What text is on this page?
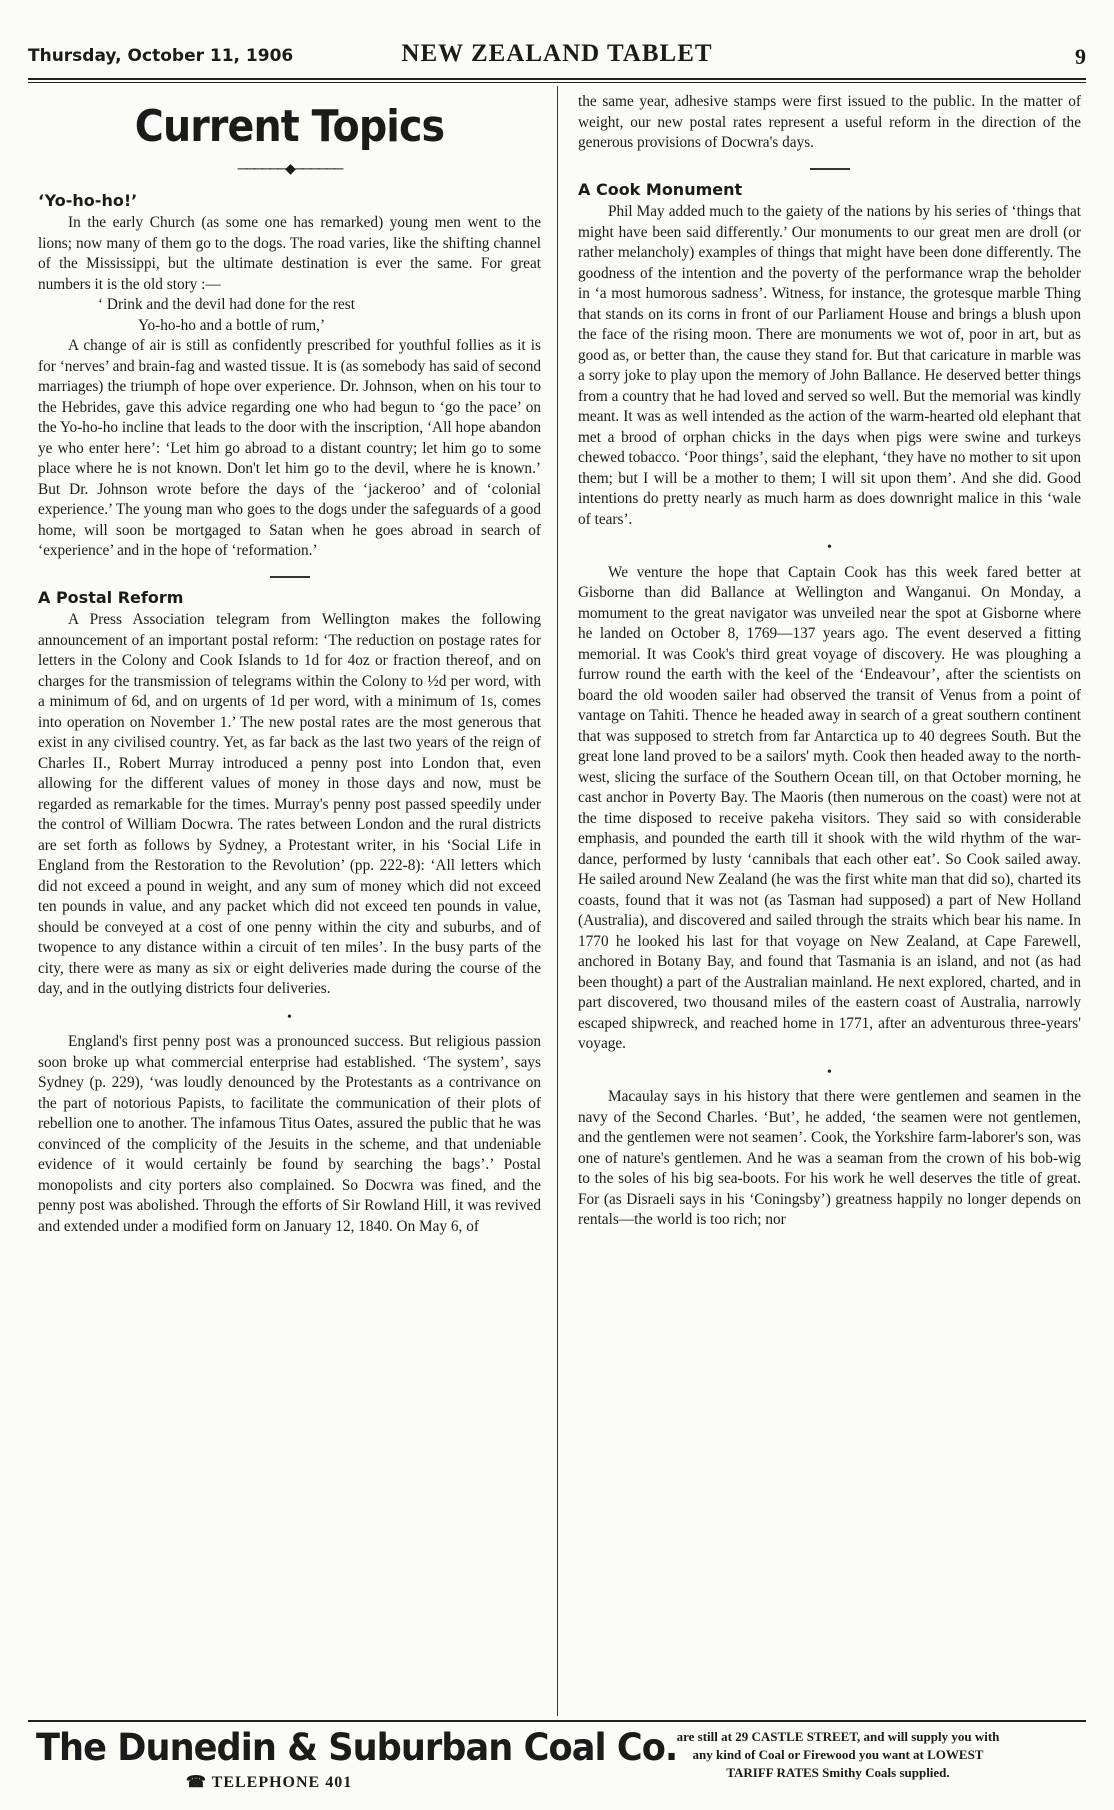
Thursday, October 11, 1906	NEW ZEALAND TABLET	9
Current Topics
──────◆──────
‘Yo-ho-ho!’

In the early Church (as some one has remarked) young men went to the lions; now many of them go to the dogs. The road varies, like the shifting channel of the Mississippi, but the ultimate destination is ever the same. For great numbers it is the old story :—

‘ Drink and the devil had done for the rest
Yo-ho-ho and a bottle of rum,’

A change of air is still as confidently prescribed for youthful follies as it is for ‘nerves’ and brain-fag and wasted tissue. It is (as somebody has said of second marriages) the triumph of hope over experience. Dr. Johnson, when on his tour to the Hebrides, gave this advice regarding one who had begun to ‘go the pace’ on the Yo-ho-ho incline that leads to the door with the inscription, ‘All hope abandon ye who enter here’: ‘Let him go abroad to a distant country; let him go to some place where he is not known. Don't let him go to the devil, where he is known.’ But Dr. Johnson wrote before the days of the ‘jackeroo’ and of ‘colonial experience.’ The young man who goes to the dogs under the safeguards of a good home, will soon be mortgaged to Satan when he goes abroad in search of ‘experience’ and in the hope of ‘reformation.’

A Postal Reform

A Press Association telegram from Wellington makes the following announcement of an important postal reform: ‘The reduction on postage rates for letters in the Colony and Cook Islands to 1d for 4oz or fraction thereof, and on charges for the transmission of telegrams within the Colony to ½d per word, with a minimum of 6d, and on urgents of 1d per word, with a minimum of 1s, comes into operation on November 1.’ The new postal rates are the most generous that exist in any civilised country. Yet, as far back as the last two years of the reign of Charles II., Robert Murray introduced a penny post into London that, even allowing for the different values of money in those days and now, must be regarded as remarkable for the times. Murray's penny post passed speedily under the control of William Docwra. The rates between London and the rural districts are set forth as follows by Sydney, a Protestant writer, in his ‘Social Life in England from the Restoration to the Revolution’ (pp. 222-8): ‘All letters which did not exceed a pound in weight, and any sum of money which did not exceed ten pounds in value, and any packet which did not exceed ten pounds in value, should be conveyed at a cost of one penny within the city and suburbs, and of twopence to any distance within a circuit of ten miles’. In the busy parts of the city, there were as many as six or eight deliveries made during the course of the day, and in the outlying districts four deliveries.

•

England's first penny post was a pronounced success. But religious passion soon broke up what commercial enterprise had established. ‘The system’, says Sydney (p. 229), ‘was loudly denounced by the Protestants as a contrivance on the part of notorious Papists, to facilitate the communication of their plots of rebellion one to another. The infamous Titus Oates, assured the public that he was convinced of the complicity of the Jesuits in the scheme, and that undeniable evidence of it would certainly be found by searching the bags’.’ Postal monopolists and city porters also complained. So Docwra was fined, and the penny post was abolished. Through the efforts of Sir Rowland Hill, it was revived and extended under a modified form on January 12, 1840. On May 6, of

the same year, adhesive stamps were first issued to the public. In the matter of weight, our new postal rates represent a useful reform in the direction of the generous provisions of Docwra's days.

A Cook Monument

Phil May added much to the gaiety of the nations by his series of ‘things that might have been said differently.’ Our monuments to our great men are droll (or rather melancholy) examples of things that might have been done differently. The goodness of the intention and the poverty of the performance wrap the beholder in ‘a most humorous sadness’. Witness, for instance, the grotesque marble Thing that stands on its corns in front of our Parliament House and brings a blush upon the face of the rising moon. There are monuments we wot of, poor in art, but as good as, or better than, the cause they stand for. But that caricature in marble was a sorry joke to play upon the memory of John Ballance. He deserved better things from a country that he had loved and served so well. But the memorial was kindly meant. It was as well intended as the action of the warm-hearted old elephant that met a brood of orphan chicks in the days when pigs were swine and turkeys chewed tobacco. ‘Poor things’, said the elephant, ‘they have no mother to sit upon them; but I will be a mother to them; I will sit upon them’. And she did. Good intentions do pretty nearly as much harm as does downright malice in this ‘wale of tears’.

•

We venture the hope that Captain Cook has this week fared better at Gisborne than did Ballance at Wellington and Wanganui. On Monday, a momument to the great navigator was unveiled near the spot at Gisborne where he landed on October 8, 1769—137 years ago. The event deserved a fitting memorial. It was Cook's third great voyage of discovery. He was ploughing a furrow round the earth with the keel of the ‘Endeavour’, after the scientists on board the old wooden sailer had observed the transit of Venus from a point of vantage on Tahiti. Thence he headed away in search of a great southern continent that was supposed to stretch from far Antarctica up to 40 degrees South. But the great lone land proved to be a sailors' myth. Cook then headed away to the north-west, slicing the surface of the Southern Ocean till, on that October morning, he cast anchor in Poverty Bay. The Maoris (then numerous on the coast) were not at the time disposed to receive pakeha visitors. They said so with considerable emphasis, and pounded the earth till it shook with the wild rhythm of the war-dance, performed by lusty ‘cannibals that each other eat’. So Cook sailed away. He sailed around New Zealand (he was the first white man that did so), charted its coasts, found that it was not (as Tasman had supposed) a part of New Holland (Australia), and discovered and sailed through the straits which bear his name. In 1770 he looked his last for that voyage on New Zealand, at Cape Farewell, anchored in Botany Bay, and found that Tasmania is an island, and not (as had been thought) a part of the Australian mainland. He next explored, charted, and in part discovered, two thousand miles of the eastern coast of Australia, narrowly escaped shipwreck, and reached home in 1771, after an adventurous three-years' voyage.

•

Macaulay says in his history that there were gentlemen and seamen in the navy of the Second Charles. ‘But’, he added, ‘the seamen were not gentlemen, and the gentlemen were not seamen’. Cook, the Yorkshire farm-laborer's son, was one of nature's gentlemen. And he was a seaman from the crown of his bob-wig to the soles of his big sea-boots. For his work he well deserves the title of great. For (as Disraeli says in his ‘Coningsby’) greatness happily no longer depends on rentals—the world is too rich; nor

The Dunedin & Suburban Coal Co.
☎ TELEPHONE 401
are still at 29 CASTLE STREET, and will supply you with
any kind of Coal or Firewood you want at LOWEST
TARIFF RATES Smithy Coals supplied.
